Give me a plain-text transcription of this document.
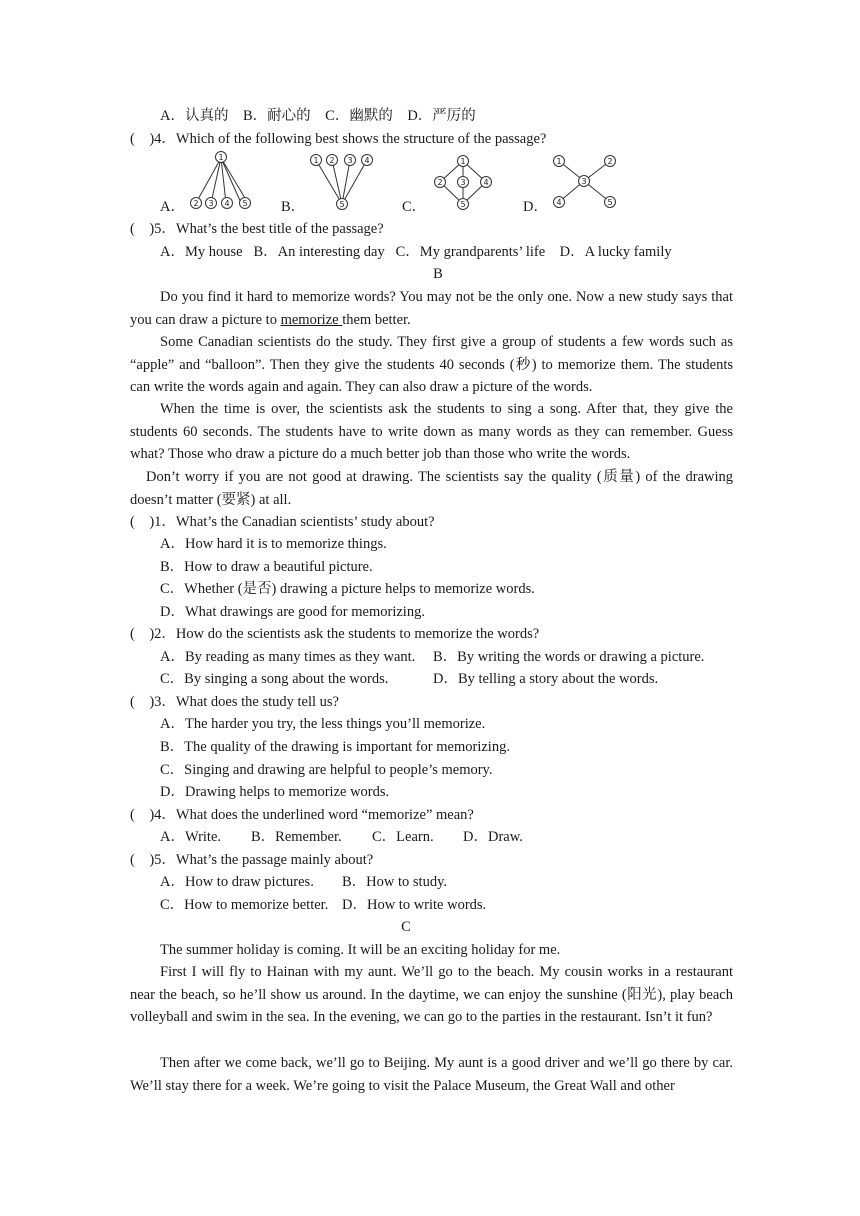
A．认真的　B．耐心的　C．幽默的　D．严厉的
(　)4．Which of the following best shows the structure of the passage?
A．	B．	C．	D．
1
2 3 4 5
1 2 3 4
5
1
2 3 4
5
1	2
3
4	5
(　)5．What’s the best title of the passage?
A．My house B．An interesting day C．My grandparents’ life D．A lucky family
B
Do you find it hard to memorize words? You may not be the only one. Now a new study says that you can draw a picture to memorize them better.
Some Canadian scientists do the study. They first give a group of students a few words such as “apple” and “balloon”. Then they give the students 40 seconds (秒) to memorize them. The students can write the words again and again. They can also draw a picture of the words.
When the time is over, the scientists ask the students to sing a song. After that, they give the students 60 seconds. The students have to write down as many words as they can remember. Guess what? Those who draw a picture do a much better job than those who write the words.
Don’t worry if you are not good at drawing. The scientists say the quality (质量) of the drawing doesn’t matter (要紧) at all.
(　)1．What’s the Canadian scientists’ study about?
A．How hard it is to memorize things.
B．How to draw a beautiful picture.
C．Whether (是否) drawing a picture helps to memorize words.
D．What drawings are good for memorizing.
(　)2．How do the scientists ask the students to memorize the words?
A．By reading as many times as they want. B．By writing the words or drawing a picture.
C．By singing a song about the words.	D．By telling a story about the words.
(　)3．What does the study tell us?
A．The harder you try, the less things you’ll memorize.
B．The quality of the drawing is important for memorizing.
C．Singing and drawing are helpful to people’s memory.
D．Drawing helps to memorize words.
(　)4．What does the underlined word “memorize” mean?
A．Write. B．Remember. C．Learn. D．Draw.
(　)5．What’s the passage mainly about?
A．How to draw pictures. B．How to study.
C．How to memorize better. D．How to write words.
C
The summer holiday is coming. It will be an exciting holiday for me.
First I will fly to Hainan with my aunt. We’ll go to the beach. My cousin works in a restaurant near the beach, so he’ll show us around. In the daytime, we can enjoy the sunshine (阳光), play beach volleyball and swim in the sea. In the evening, we can go to the parties in the restaurant. Isn’t it fun?
Then after we come back, we’ll go to Beijing. My aunt is a good driver and we’ll go there by car. We’ll stay there for a week. We’re going to visit the Palace Museum, the Great Wall and other
